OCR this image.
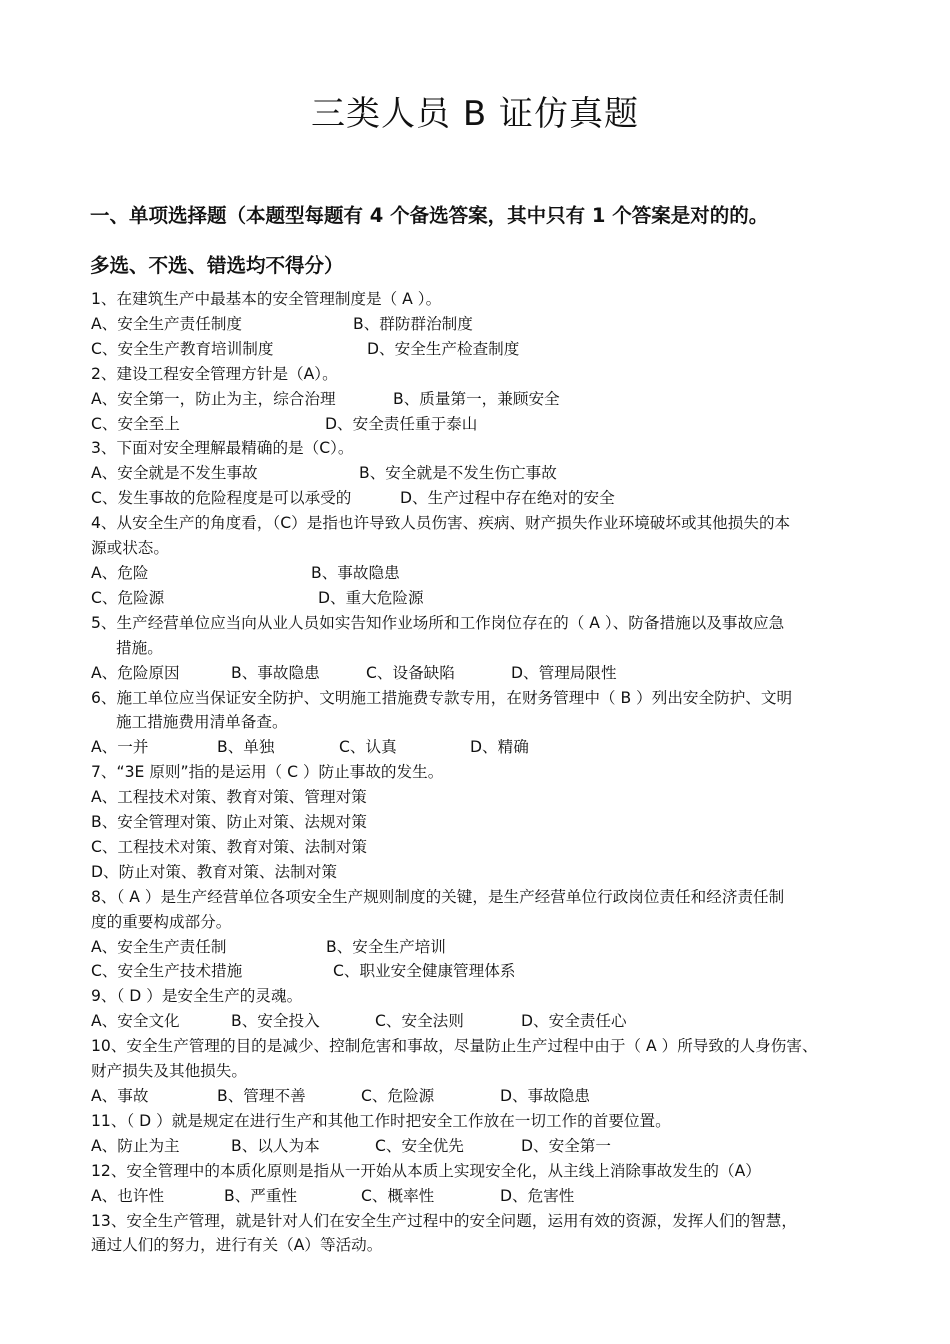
三类人员 B 证仿真题
一、单项选择题（本题型每题有 4 个备选答案，其中只有 1 个答案是对的的。
多选、不选、错选均不得分）
1、在建筑生产中最基本的安全管理制度是（ A ）。
A、安全生产责任制度	B、群防群治制度
C、安全生产教育培训制度	D、安全生产检查制度
2、建设工程安全管理方针是（A）。
A、安全第一，防止为主，综合治理	B、质量第一，兼顾安全
C、安全至上	D、安全责任重于泰山
3、下面对安全理解最精确的是（C）。
A、安全就是不发生事故	B、安全就是不发生伤亡事故
C、发生事故的危险程度是可以承受的	D、生产过程中存在绝对的安全
4、从安全生产的角度看，（C）是指也许导致人员伤害、疾病、财产损失作业环境破坏或其他损失的本
源或状态。
A、危险	B、事故隐患
C、危险源	D、重大危险源
5、生产经营单位应当向从业人员如实告知作业场所和工作岗位存在的（ A ）、防备措施以及事故应急
措施。
A、危险原因	B、事故隐患	C、设备缺陷	D、管理局限性
6、施工单位应当保证安全防护、文明施工措施费专款专用，在财务管理中（ B ）列出安全防护、文明
施工措施费用清单备查。
A、一并	B、单独	C、认真	D、精确
7、“3E 原则”指的是运用（ C ）防止事故的发生。
A、工程技术对策、教育对策、管理对策
B、安全管理对策、防止对策、法规对策
C、工程技术对策、教育对策、法制对策
D、防止对策、教育对策、法制对策
8、（ A ）是生产经营单位各项安全生产规则制度的关键，是生产经营单位行政岗位责任和经济责任制
度的重要构成部分。
A、安全生产责任制	B、安全生产培训
C、安全生产技术措施	C、职业安全健康管理体系
9、（ D ）是安全生产的灵魂。
A、安全文化	B、安全投入	C、安全法则	D、安全责任心
10、安全生产管理的目的是减少、控制危害和事故，尽量防止生产过程中由于（ A ）所导致的人身伤害、
财产损失及其他损失。
A、事故	B、管理不善	C、危险源	D、事故隐患
11、（ D ）就是规定在进行生产和其他工作时把安全工作放在一切工作的首要位置。
A、防止为主	B、以人为本	C、安全优先	D、安全第一
12、安全管理中的本质化原则是指从一开始从本质上实现安全化，从主线上消除事故发生的（A）
A、也许性	B、严重性	C、概率性	D、危害性
13、安全生产管理，就是针对人们在安全生产过程中的安全问题，运用有效的资源，发挥人们的智慧，
通过人们的努力，进行有关（A）等活动。
